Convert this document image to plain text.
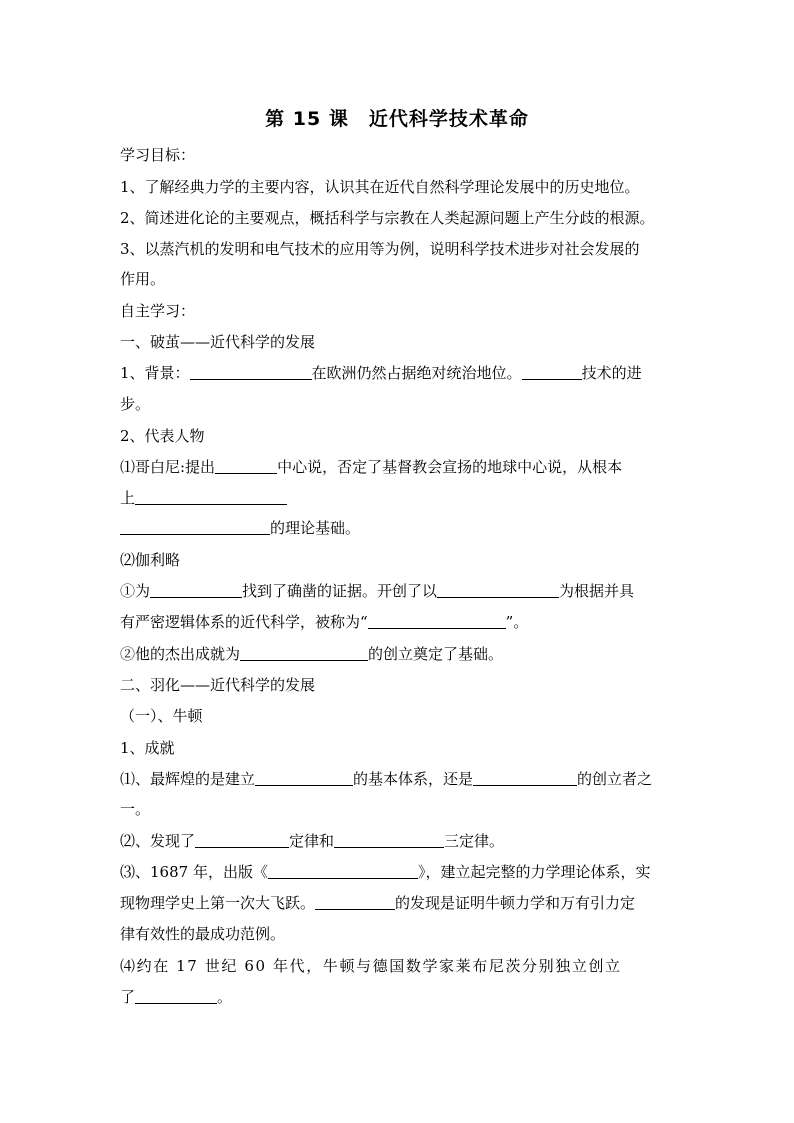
第 15 课　近代科学技术革命
学习目标：
1、了解经典力学的主要内容，认识其在近代自然科学理论发展中的历史地位。
2、简述进化论的主要观点，概括科学与宗教在人类起源问题上产生分歧的根源。
3、以蒸汽机的发明和电气技术的应用等为例，说明科学技术进步对社会发展的
作用。
自主学习：
一、破茧——近代科学的发展
1、背景：	在欧洲仍然占据绝对统治地位。	技术的进
步。
2、代表人物
⑴哥白尼:提出	中心说，否定了基督教会宣扬的地球中心说，从根本
上
的理论基础。
⑵伽利略
①为	找到了确凿的证据。开创了以	为根据并具
有严密逻辑体系的近代科学，被称为“	”。
②他的杰出成就为	的创立奠定了基础。
二、羽化——近代科学的发展
（一）、牛顿
1、成就
⑴、最辉煌的是建立	的基本体系，还是	的创立者之
一。
⑵、发现了	定律和	三定律。
⑶、1687 年，出版《	》，建立起完整的力学理论体系，实
现物理学史上第一次大飞跃。	的发现是证明牛顿力学和万有引力定
律有效性的最成功范例。
⑷约在 17 世纪 60 年代，牛顿与德国数学家莱布尼茨分别独立创立
了	。
